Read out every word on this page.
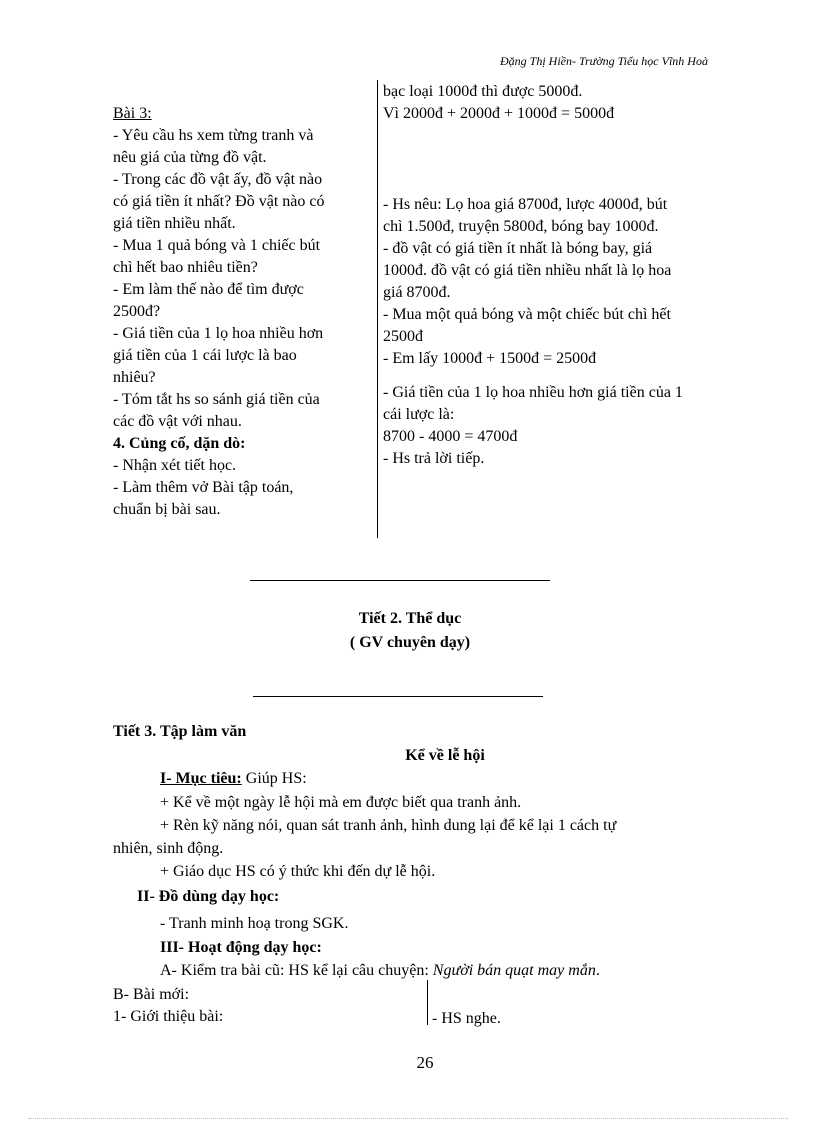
Đặng Thị Hiền- Trường Tiểu học Vĩnh Hoà

Bài 3:

- Yêu cầu hs xem từng tranh và

nêu giá của từng đồ vật.

- Trong các đồ vật ấy, đồ vật nào

có giá tiền ít nhất? Đồ vật nào có

giá tiền nhiều nhất.

- Mua 1 quả bóng và 1 chiếc bút

chì hết bao nhiêu tiền?

- Em làm thế nào để tìm được

2500đ?

- Giá tiền của 1 lọ hoa nhiều hơn

giá tiền của 1 cái lược là bao

nhiêu?

- Tóm tắt hs so sánh giá tiền của

các đồ vật với nhau.

4. Củng cố, dặn dò:

- Nhận xét tiết học.

- Làm thêm vở Bài tập toán,

chuẩn bị bài sau.

bạc loại 1000đ thì được 5000đ.

Vì 2000đ + 2000đ + 1000đ = 5000đ

- Hs nêu: Lọ hoa giá 8700đ, lược 4000đ, bút

chì 1.500đ, truyện 5800đ, bóng bay 1000đ.

- đồ vật có giá tiền ít nhất là bóng bay, giá

1000đ. đồ vật có giá tiền nhiều nhất là lọ hoa

giá 8700đ.

- Mua một quả bóng và một chiếc bút chì hết

2500đ

- Em lấy 1000đ + 1500đ = 2500đ

- Giá tiền của 1 lọ hoa nhiều hơn giá tiền của 1

cái lược là:

8700 - 4000 = 4700đ

- Hs trả lời tiếp.

Tiết 2. Thể dục
( GV chuyên dạy)
Tiết 3. Tập làm văn
Kể về lễ hội
I- Mục tiêu: Giúp HS:
+ Kể về một ngày lễ hội mà em được biết qua tranh ảnh.
+ Rèn kỹ năng nói, quan sát tranh ảnh, hình dung lại để kể lại 1 cách tự
nhiên, sinh động.
+ Giáo dục HS có ý thức khi đến dự lễ hội.
II- Đồ dùng dạy học:
- Tranh minh hoạ trong SGK.
III- Hoạt động dạy học:
A- Kiểm tra bài cũ: HS kể lại câu chuyện: Người bán quạt may mắn.
B- Bài mới:
1- Giới thiệu bài:	- HS nghe.
26
